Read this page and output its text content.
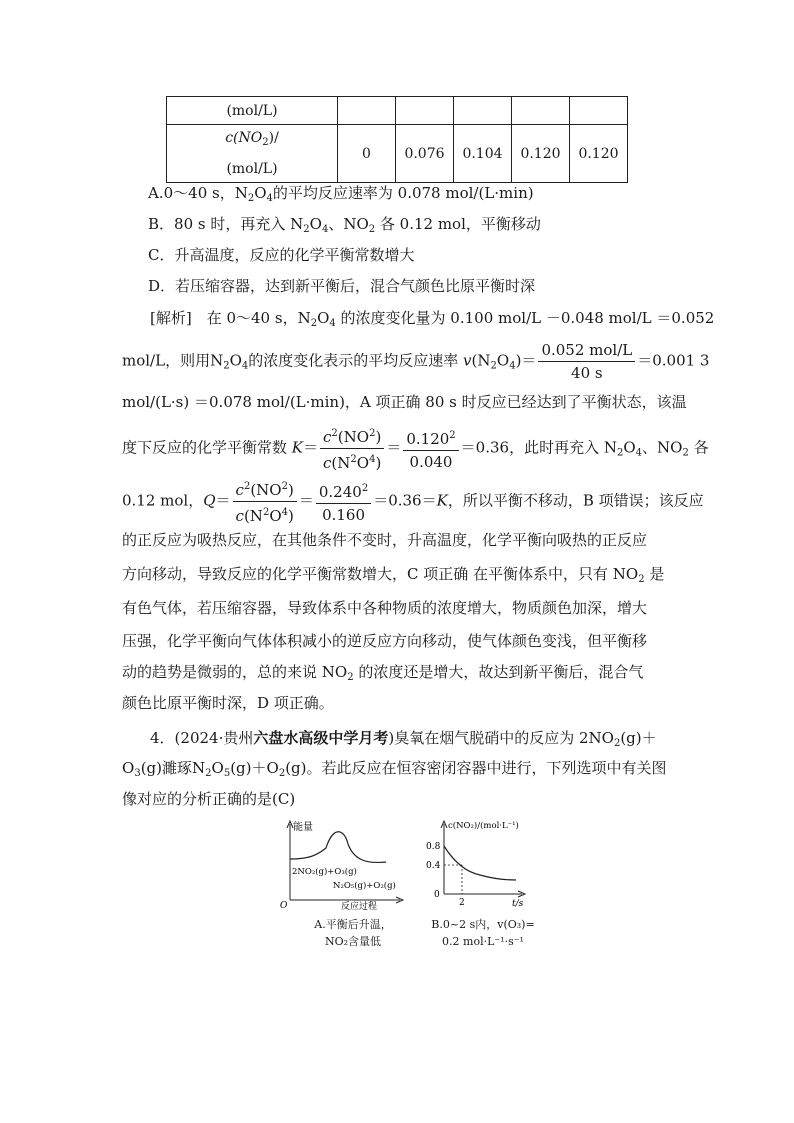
(mol/L)					

$c(NO_2)/$
(mol/L)	0	0.076	0.104	0.120	0.120
A.0～40 s，$N_2O_4$的平均反应速率为 0.078 mol/(L·min)
B．80 s 时，再充入 $N_2O_4$、$NO_2$ 各 0.12 mol，平衡移动
C．升高温度，反应的化学平衡常数增大
D．若压缩容器，达到新平衡后，混合气颜色比原平衡时深
[解析]　在 0～40 s，$N_2O_4$ 的浓度变化量为 0.100 mol/L －0.048 mol/L ＝0.052
mol/L，则用$N_2O_4$的浓度变化表示的平均反应速率 $v(N_2O_4)= \frac{\text{0.052 mol/L}}{40 s} =0.001$ 3
mol/(L·s) ＝0.078 mol/(L·min)，A 项正确 80 s 时反应已经达到了平衡状态，该温
度下反应的化学平衡常数 $K= \frac{c^2(NO^2)}{c(N^2O^4)} = \frac{0.120^2}{0.040} =0.36$，此时再充入 $N_2O_4$、$NO_2$ 各
0.12 mol，$Q= \frac{c^2(NO^2)}{c(N^2O^4)} = \frac{0.240^2}{0.160} =0.36=K$，所以平衡不移动，B 项错误；该反应
的正反应为吸热反应，在其他条件不变时，升高温度，化学平衡向吸热的正反应
方向移动，导致反应的化学平衡常数增大，C 项正确 在平衡体系中，只有 $NO_2$ 是
有色气体，若压缩容器，导致体系中各种物质的浓度增大，物质颜色加深，增大
压强，化学平衡向气体体积减小的逆反应方向移动，使气体颜色变浅，但平衡移
动的趋势是微弱的，总的来说 $NO_2$ 的浓度还是增大，故达到新平衡后，混合气
颜色比原平衡时深，D 项正确。
4．(2024·贵州六盘水高级中学月考)臭氧在烟气脱硝中的反应为 $2NO_2(g)+$
$O_3(g)$濉琢$N_2O_5(g)+O_2(g)$。若此反应在恒容密闭容器中进行，下列选项中有关图
像对应的分析正确的是(C)
能量
2NO₂(g)+O₃(g)
N₂O₅(g)+O₂(g)
O	反应过程
A.平衡后升温，
NO₂含量低
c(NO₂)/(mol·L⁻¹)
0.8
0.4
0
2	t/s
B.0~2 s内，v(O₃)=
0.2 mol·L⁻¹·s⁻¹
